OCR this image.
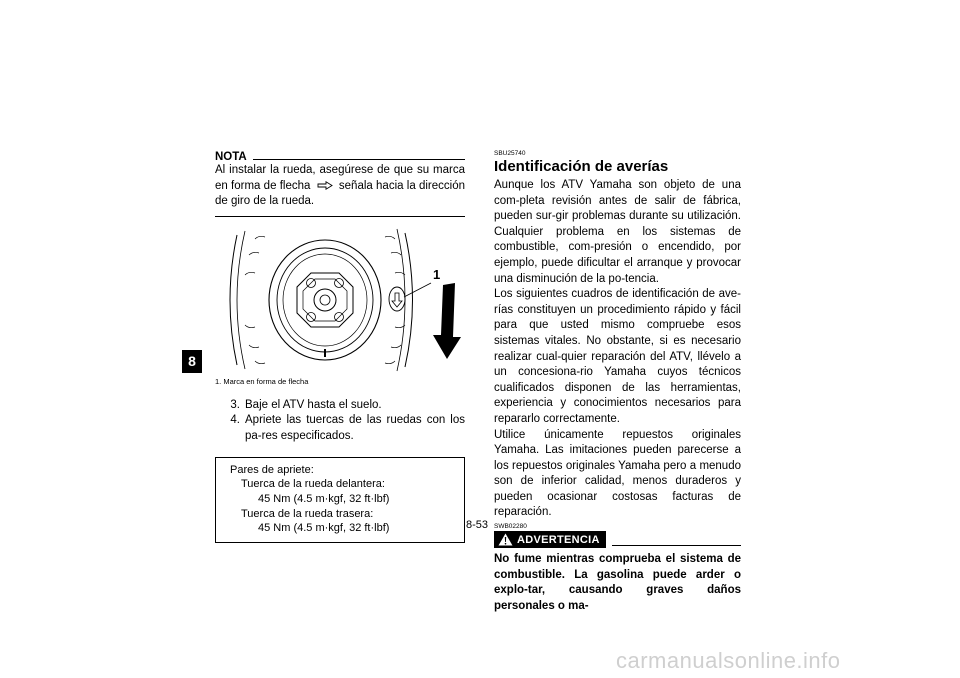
8
NOTA

Al instalar la rueda, asegúrese de que su marca en forma de flecha señala hacia la dirección de giro de la rueda.

1
1. Marca en forma de flecha
3. Baje el ATV hasta el suelo.
4. Apriete las tuercas de las ruedas con los pa-res especificados.
Pares de apriete:
Tuerca de la rueda delantera:
45 Nm (4.5 m·kgf, 32 ft·lbf)
Tuerca de la rueda trasera:
45 Nm (4.5 m·kgf, 32 ft·lbf)
SBU25740
Identificación de averías

Aunque los ATV Yamaha son objeto de una com-pleta revisión antes de salir de fábrica, pueden sur-gir problemas durante su utilización. Cualquier problema en los sistemas de combustible, com-presión o encendido, por ejemplo, puede dificultar el arranque y provocar una disminución de la po-tencia.

Los siguientes cuadros de identificación de ave-rías constituyen un procedimiento rápido y fácil para que usted mismo compruebe esos sistemas vitales. No obstante, si es necesario realizar cual-quier reparación del ATV, llévelo a un concesiona-rio Yamaha cuyos técnicos cualificados disponen de las herramientas, experiencia y conocimientos necesarios para repararlo correctamente.

Utilice únicamente repuestos originales Yamaha. Las imitaciones pueden parecerse a los repuestos originales Yamaha pero a menudo son de inferior calidad, menos duraderos y pueden ocasionar costosas facturas de reparación.

SWB02280
ADVERTENCIA

No fume mientras comprueba el sistema de combustible. La gasolina puede arder o explo-tar, causando graves daños personales o ma-

8-53
carmanualsonline.info
